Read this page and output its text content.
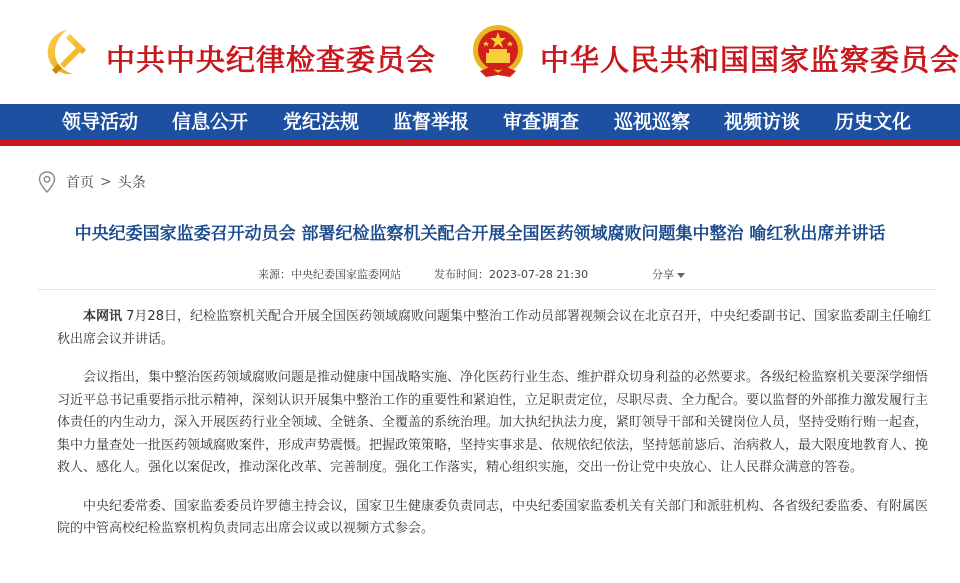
中共中央纪律检查委员会	中华人民共和国国家监察委员会
领导活动 信息公开 党纪法规 监督举报 审查调查 巡视巡察 视频访谈 历史文化
首页 > 头条
中央纪委国家监委召开动员会 部署纪检监察机关配合开展全国医药领域腐败问题集中整治 喻红秋出席并讲话
来源：中央纪委国家监委网站	发布时间：2023-07-28 21:30	分享

本网讯 7月28日，纪检监察机关配合开展全国医药领域腐败问题集中整治工作动员部署视频会议在北京召开，中央纪委副书记、国家监委副主任喻红秋出席会议并讲话。

会议指出，集中整治医药领域腐败问题是推动健康中国战略实施、净化医药行业生态、维护群众切身利益的必然要求。各级纪检监察机关要深学细悟习近平总书记重要指示批示精神，深刻认识开展集中整治工作的重要性和紧迫性，立足职责定位，尽职尽责、全力配合。要以监督的外部推力激发履行主体责任的内生动力，深入开展医药行业全领域、全链条、全覆盖的系统治理。加大执纪执法力度，紧盯领导干部和关键岗位人员，坚持受贿行贿一起查，集中力量查处一批医药领域腐败案件，形成声势震慑。把握政策策略，坚持实事求是、依规依纪依法，坚持惩前毖后、治病救人，最大限度地教育人、挽救人、感化人。强化以案促改，推动深化改革、完善制度。强化工作落实，精心组织实施，交出一份让党中央放心、让人民群众满意的答卷。

中央纪委常委、国家监委委员许罗德主持会议，国家卫生健康委负责同志，中央纪委国家监委机关有关部门和派驻机构、各省级纪委监委、有附属医院的中管高校纪检监察机构负责同志出席会议或以视频方式参会。
